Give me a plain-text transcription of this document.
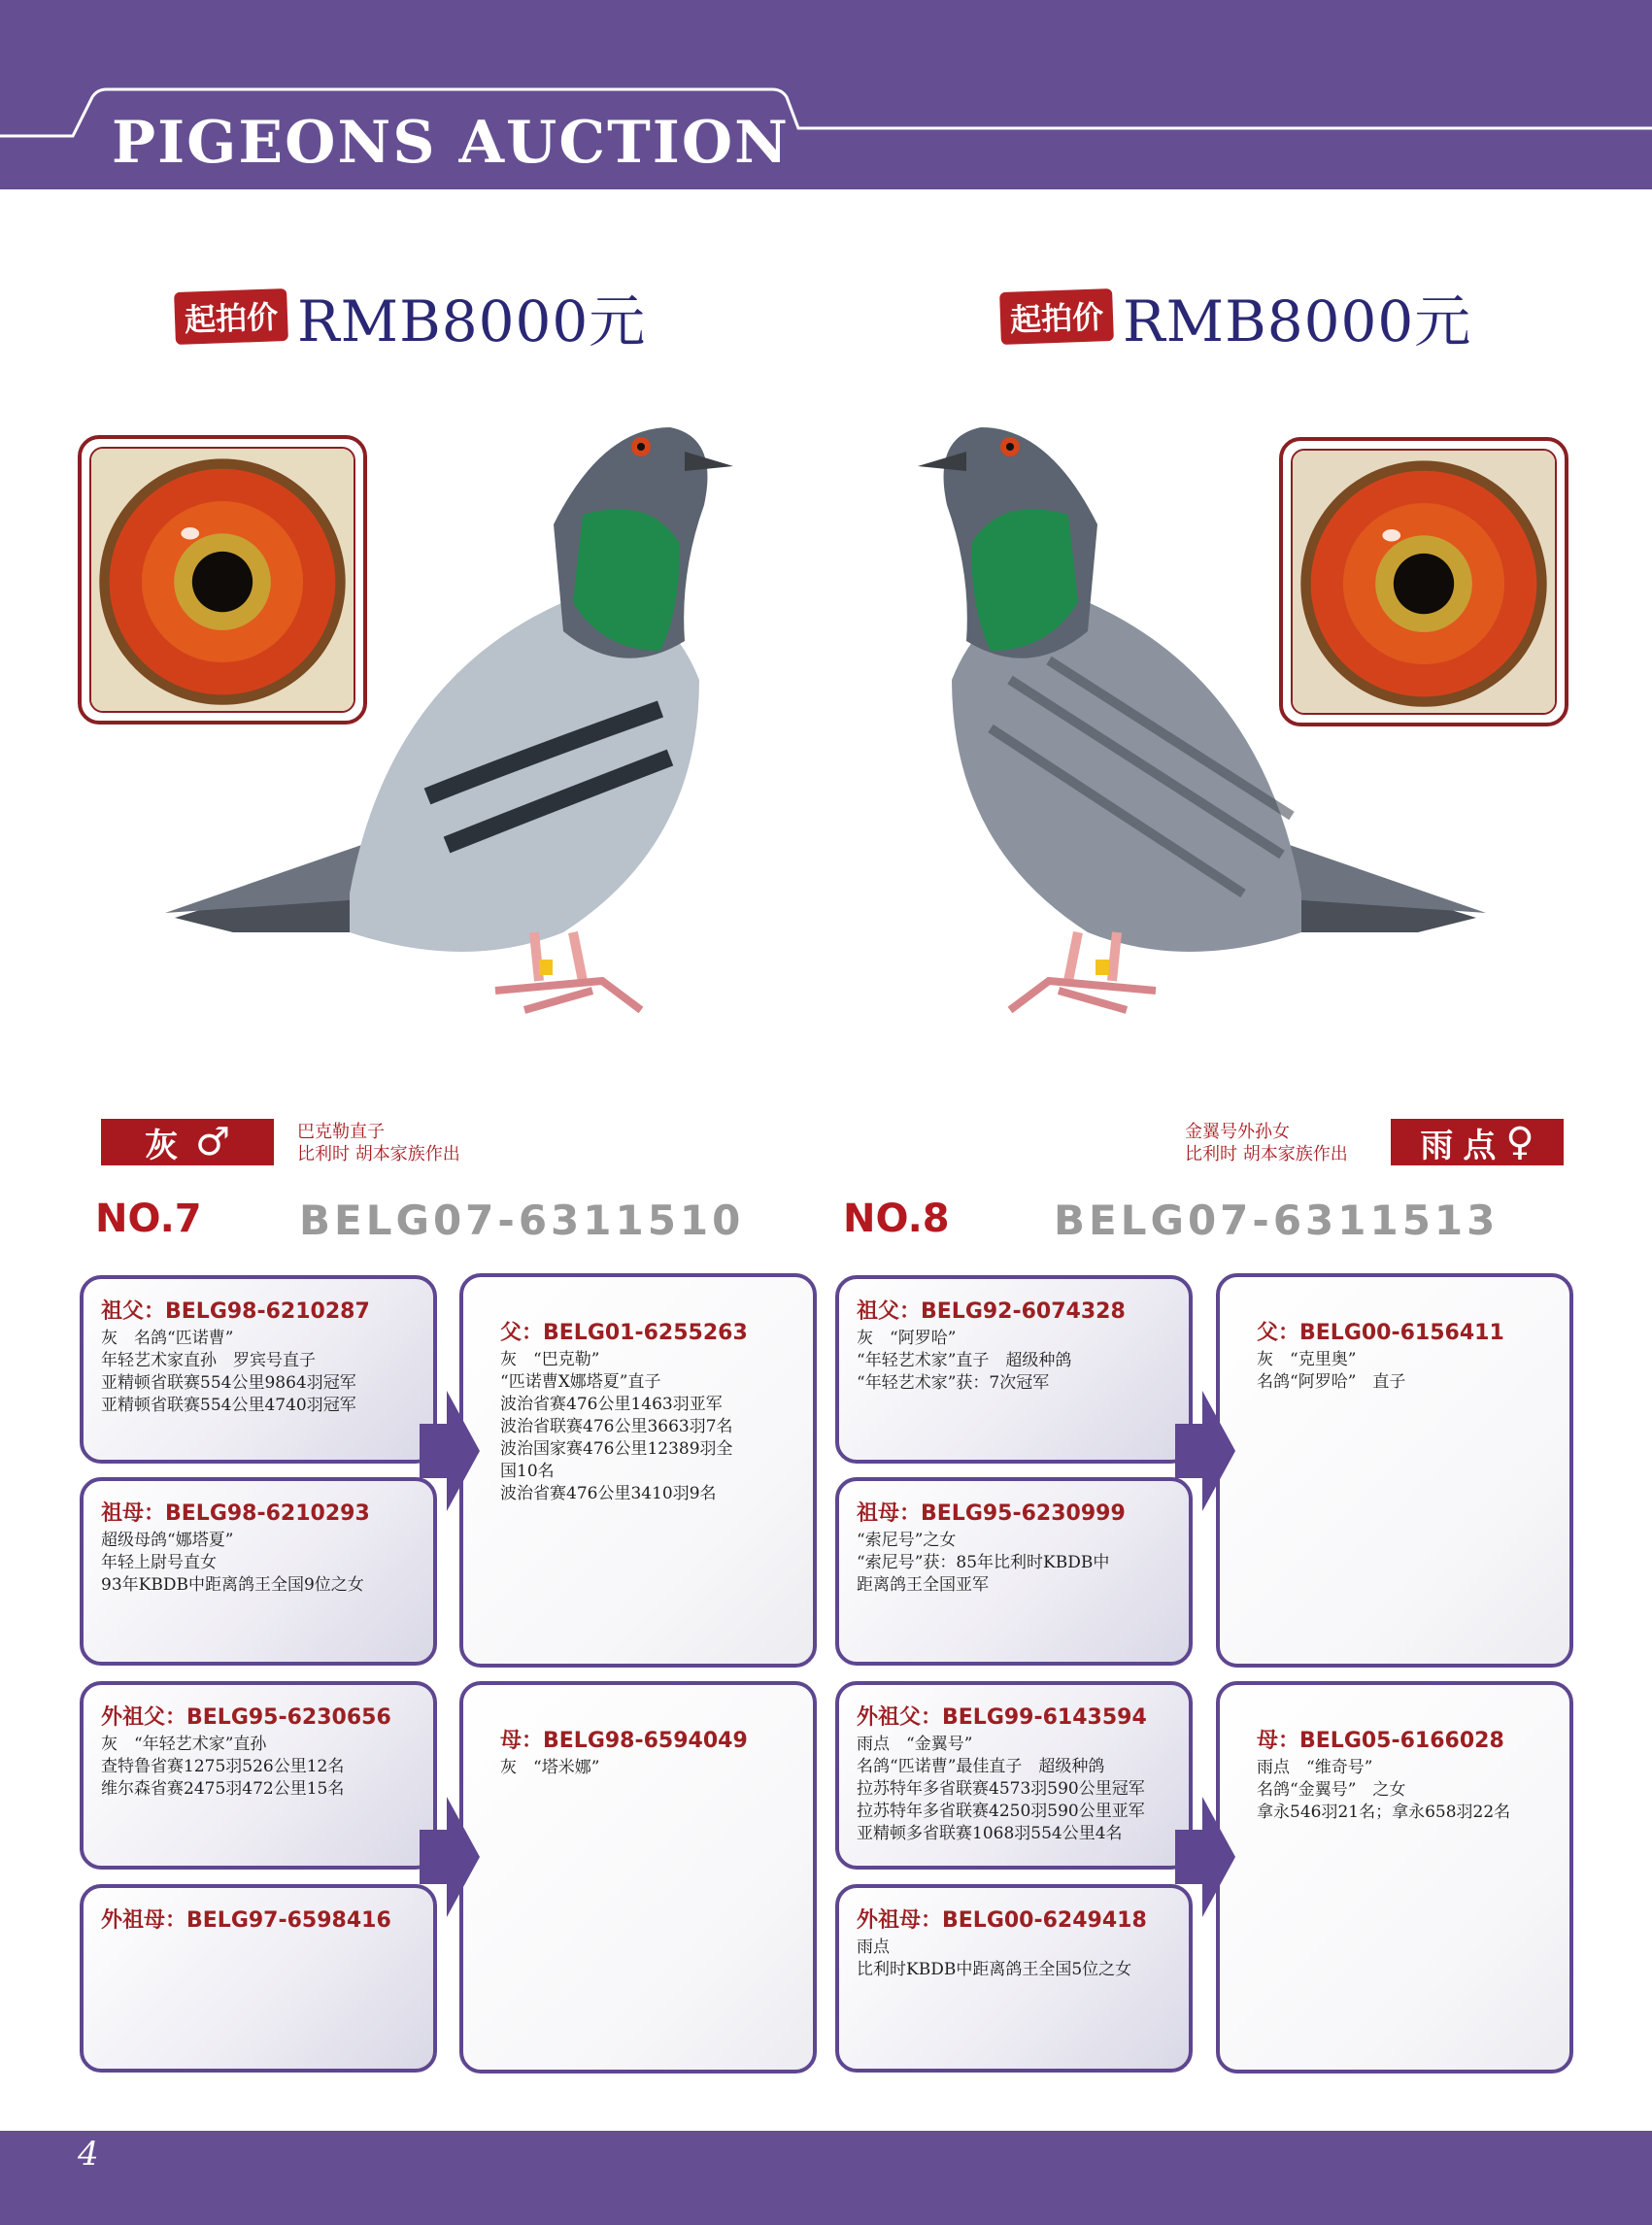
PIGEONS AUCTION
起拍价 RMB8000元	起拍价 RMB8000元
灰 ♂	巴克勒直子
比利时 胡本家族作出
金翼号外孙女
比利时 胡本家族作出 雨点 ♀
NO.7 BELG07-6311510	NO.8	BELG07-6311513
祖父：BELG98-6210287
灰　名鸽“匹诺曹”
年轻艺术家直孙　罗宾号直子
亚精顿省联赛554公里9864羽冠军
亚精顿省联赛554公里4740羽冠军
祖母：BELG98-6210293
超级母鸽“娜塔夏”
年轻上尉号直女
93年KBDB中距离鸽王全国9位之女
父：BELG01-6255263
灰　“巴克勒”
“匹诺曹X娜塔夏”直子
波治省赛476公里1463羽亚军
波治省联赛476公里3663羽7名
波治国家赛476公里12389羽全
国10名
波治省赛476公里3410羽9名
外祖父：BELG95-6230656
灰　“年轻艺术家”直孙
查特鲁省赛1275羽526公里12名
维尔森省赛2475羽472公里15名
外祖母：BELG97-6598416
母：BELG98-6594049
灰　“塔米娜”
祖父：BELG92-6074328
灰　“阿罗哈”
“年轻艺术家”直子　超级种鸽
“年轻艺术家”获：7次冠军
祖母：BELG95-6230999
“索尼号”之女
“索尼号”获：85年比利时KBDB中
距离鸽王全国亚军
父：BELG00-6156411
灰　“克里奥”
名鸽“阿罗哈”　直子
外祖父：BELG99-6143594
雨点　“金翼号”
名鸽“匹诺曹”最佳直子　超级种鸽
拉苏特年多省联赛4573羽590公里冠军
拉苏特年多省联赛4250羽590公里亚军
亚精顿多省联赛1068羽554公里4名
外祖母：BELG00-6249418
雨点
比利时KBDB中距离鸽王全国5位之女
母：BELG05-6166028
雨点　“维奇号”
名鸽“金翼号”　之女
拿永546羽21名；拿永658羽22名
4
